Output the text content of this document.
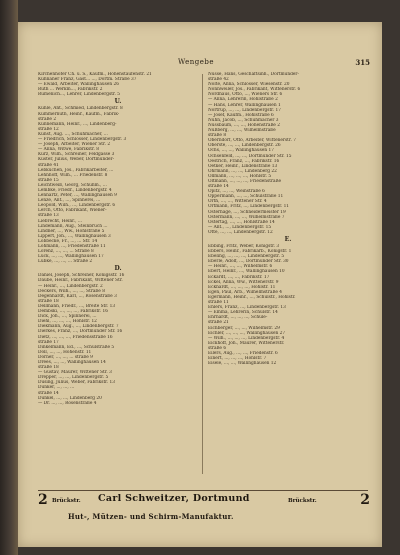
Wengebe	315
Kirchenhofer Ch. u. S., Kaufm., Hohenstaufenstr. 21
Kuhnaner Franz, Gast... ..., Dortm. Straße 37
— Ewald, Arbeiter, Wallinghausen 26
Ruth ... Werkm..., Fabrikstr. 2
Rumenich..., Lehrer, Lindenbergstr. 5
U.
Kuhle, Ant., Schmied, Lindenbergstr. 8
Kummernuth, Heinr., Kaufm., Fabrik-
straße 2
Kunnemann, Heinr., ..., Lindenberg-
straße 12
Kunst, Aug. ..., Schuhmacher, ...
— Friedrich, Schlosser, Lindenbergstr. 3
— Joseph, Arbeiter, Wiener Str. 2
— Anna, Witwe, Fabrikstr. 8
Kurz, Wilh., Schreiner, Feldgasse 3
Küster, Julius, Weber, Dortmunder-
straße 41
Lebkuchen, Jos., Fabrikarbeiter, ...
Lehnhoff, Wilh., ... Friedenstr. 8
straße 15
Leichtweiß, Georg, Schuhm., ...
Lembke, Friedr., Lindenbergstr. 4
Lennartz, Peter, ..., Wallinghausen 9
Lenze, Ant., ..., Spinnerei, ...
Leopold, Wilh., ..., Lindenbergstr. 6
Lerch, Otto, Fabrikant, Wiener-
straße 13
Liebrecht, Heinr., ...
Lindemann, Aug., Steinbruch ...
Lindner, ..., Ww., Hohlstraße 5
Lippert, Joh., ..., Wallinghausen 3
Löbbecke, Fr., ..., ... Str. 14
Lohmann, ..., Friedenstraße 11
Lorenz, ..., ..., ... Straße 8
Lück, ..., ..., Wallinghausen 17
Lübke, ..., ..., ... Straße 2
D.
Daniel, Joseph, Schreiner, Königsstr. 16
Daube, Heinr., Fabrikant, Wittener Str.
— Heinr., ..., Lindenbergstr. 2
Deckers, Wilh., ..., ..., Straße 8
Degenhardt, Karl, ..., Rosenstraße 3
straße 18
Dellmann, Friedr., ..., Breite Str. 13
Dembski, ..., ..., ..., Fabrikstr. 16
Dick, Joh., ..., Spinnerei, ...
Diehl, ..., ..., ..., Hohlstr. 12
Diekmann, Aug., ..., Lindenbergstr. 7
Dierkes, Franz, ..., Dortmunder Str. 16
Dietz, ..., ..., ..., Friedensstraße 16
straße 17
Dinkelmann, Ed., ..., Schulstraße 5
Doll, ..., ..., Hohenstr. 11
Dörner, ..., ..., ... straße 9
Drees, ..., ..., Wallinghausen 14
straße 18
— Gustav, Maurer, Wittener Str. 3
Drepper, ..., ..., Lindenbergstr. 5
Düsing, Julius, Weber, Fabrikstr. 13
Dunker, ..., ..., ...
straße 14
Dunkel, ..., ..., Lindenberg 20
— Dr. ..., ..., Rosenstraße 4
Nüsse, Hans, Geschäftsinh., Dortmunder-
straße 42
Nolte, Anna, Schlosser, Wiesenstr. 20
Nonnweiler, Jos., Fabrikant, Wittenerstr. 6
Nordhaus, Otto, ..., Wieners Str. 6
— Anna, Lehrerin, Hohlstraße 2
— Hans, Lehrer, Wallinghausen 1
Nortrup, ..., ..., Lindenbergstr. 17
— Josef, Kaufm., Hohlstraße 6
Nuhn, Jacob, ..., Schuhmacher 3
Nussbaum, ..., ..., Hohenstraße 2
Nußberg, ..., ..., Wilhelmstraße
straße 8
Oberndorf, Otto, Arbeiter, Wittenerstr. 7
Oberste, ..., ..., Lindenbergstr. 26
Ochs, ..., ..., Wallinghausen 17
Ochsenfeld, ..., ..., Dortmunder Str. 15
Oestrich, Franz, ..., Fabrikstr. 16
Oetker, Heinr., Lindenstraße 13
Ohrmann, ..., ..., Lindenberg 22
Ollmann, ..., ..., ..., Hohlstr. 5
Oltmann, ..., ..., ..., Friedenstraße
straße 14
Opitz, ..., ..., Weinstraße 6
Oppermann, ..., ..., Schulstraße 11
Orth, ..., ..., Wittener Str. 4
Ortmann, Fritz, ..., Lindenbergstr. 11
Osterhage, ..., Schneidermeister 19
Ostermann, ..., ..., Wilhelmstraße 7
Ostertag, ..., ..., Hohlstraße 14
— Ant., ..., Lindenbergstr. 15
Otte, ..., ..., Lindenbergstr. 12
E.
Ebbing, Fritz, Weber, Königstr. 3
Ebbers, Heinr., Fabrikarb., Königstr. 1
Ebeling, ..., ..., ..., Lindenbergstr. 5
Eberle, Adolf, ..., Dortmunder Str. 30
— Heinr., ..., ..., Wilhelmstr. 6
Ebert, Heinr., ..., Wallinghausen 10
Eckardt, ..., ..., Fabrikstr. 17
Eckel, Anna, Ww., Wittenerstr. 9
Eckhardt, ..., ..., ..., Hohlstr. 11
Egen, Paul, Arb., Wilhelmstraße 4
Egermann, Heinr., ..., Schulstr., Hohlstr.
straße 11
Ehlers, Franz, ..., Lindenbergstr. 13
— Emma, Lehrerin, Schulstr. 14
Ehrhardt, ..., ..., ..., Schule-
straße 21
Eichberger, ..., ..., Wilhelmstr. 29
Eichler, ..., ..., ..., Wallinghausen 27
— Wilh., ..., ..., ..., Lindenbergstr. 4
Eickhoff, Joh., Maurer, Wittenerstr.
straße 6
Eilers, Aug., ..., ..., Friedenstr. 6
Einert, ..., ..., ..., Hohlstr. 7
Eisele, ..., ..., Wallinghausen 12
2 Brückstr. Carl Schweitzer, Dortmund	Brückstr.	2
Hut-, Mützen- und Schirm-Manufaktur.
